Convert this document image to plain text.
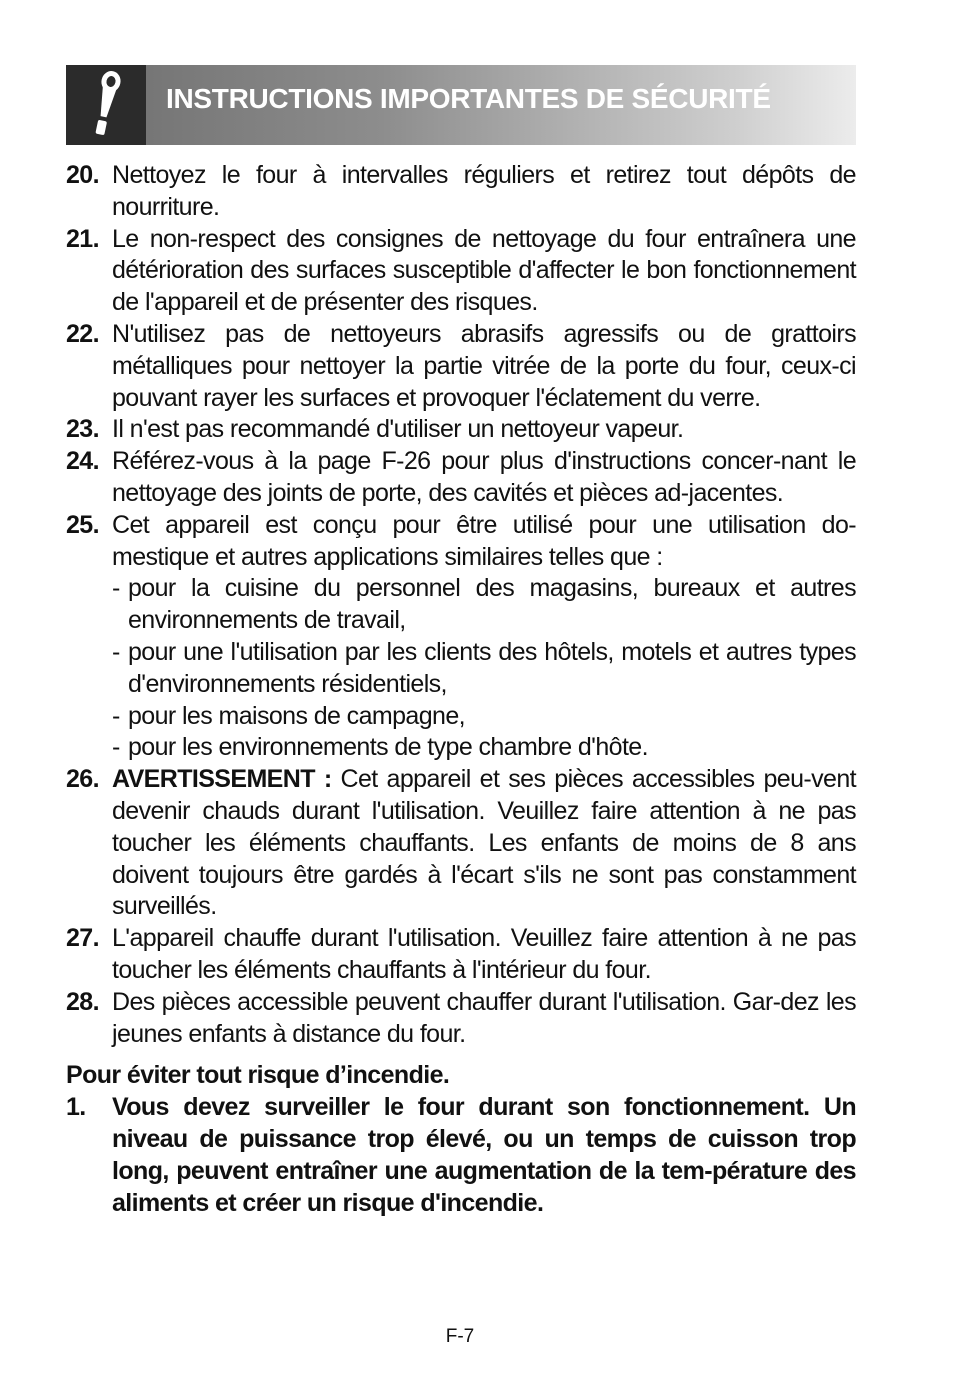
INSTRUCTIONS IMPORTANTES DE SÉCURITÉ
20. Nettoyez le four à intervalles réguliers et retirez tout dépôts de nourriture.
21. Le non-respect des consignes de nettoyage du four entraînera une détérioration des surfaces susceptible d'affecter le bon fonctionnement de l'appareil et de présenter des risques.
22. N'utilisez pas de nettoyeurs abrasifs agressifs ou de grattoirs métalliques pour nettoyer la partie vitrée de la porte du four, ceux-ci pouvant rayer les surfaces et provoquer l'éclatement du verre.
23. Il n'est pas recommandé d'utiliser un nettoyeur vapeur.
24. Référez-vous à la page F-26 pour plus d'instructions concer-nant le nettoyage des joints de porte, des cavités et pièces ad-jacentes.
25. Cet appareil est conçu pour être utilisé pour une utilisation do-mestique et autres applications similaires telles que :
- pour la cuisine du personnel des magasins, bureaux et autres environnements de travail,
- pour une l'utilisation par les clients des hôtels, motels et autres types d'environnements résidentiels,
- pour les maisons de campagne,
- pour les environnements de type chambre d'hôte.
26. AVERTISSEMENT : Cet appareil et ses pièces accessibles peu-vent devenir chauds durant l'utilisation. Veuillez faire attention à ne pas toucher les éléments chauffants. Les enfants de moins de 8 ans doivent toujours être gardés à l'écart s'ils ne sont pas constamment surveillés.
27. L'appareil chauffe durant l'utilisation. Veuillez faire attention à ne pas toucher les éléments chauffants à l'intérieur du four.
28. Des pièces accessible peuvent chauffer durant l'utilisation. Gar-dez les jeunes enfants à distance du four.
Pour éviter tout risque d’incendie.
1. Vous devez surveiller le four durant son fonctionnement. Un niveau de puissance trop élevé, ou un temps de cuisson trop long, peuvent entraîner une augmentation de la tem-pérature des aliments et créer un risque d'incendie.
F-7
